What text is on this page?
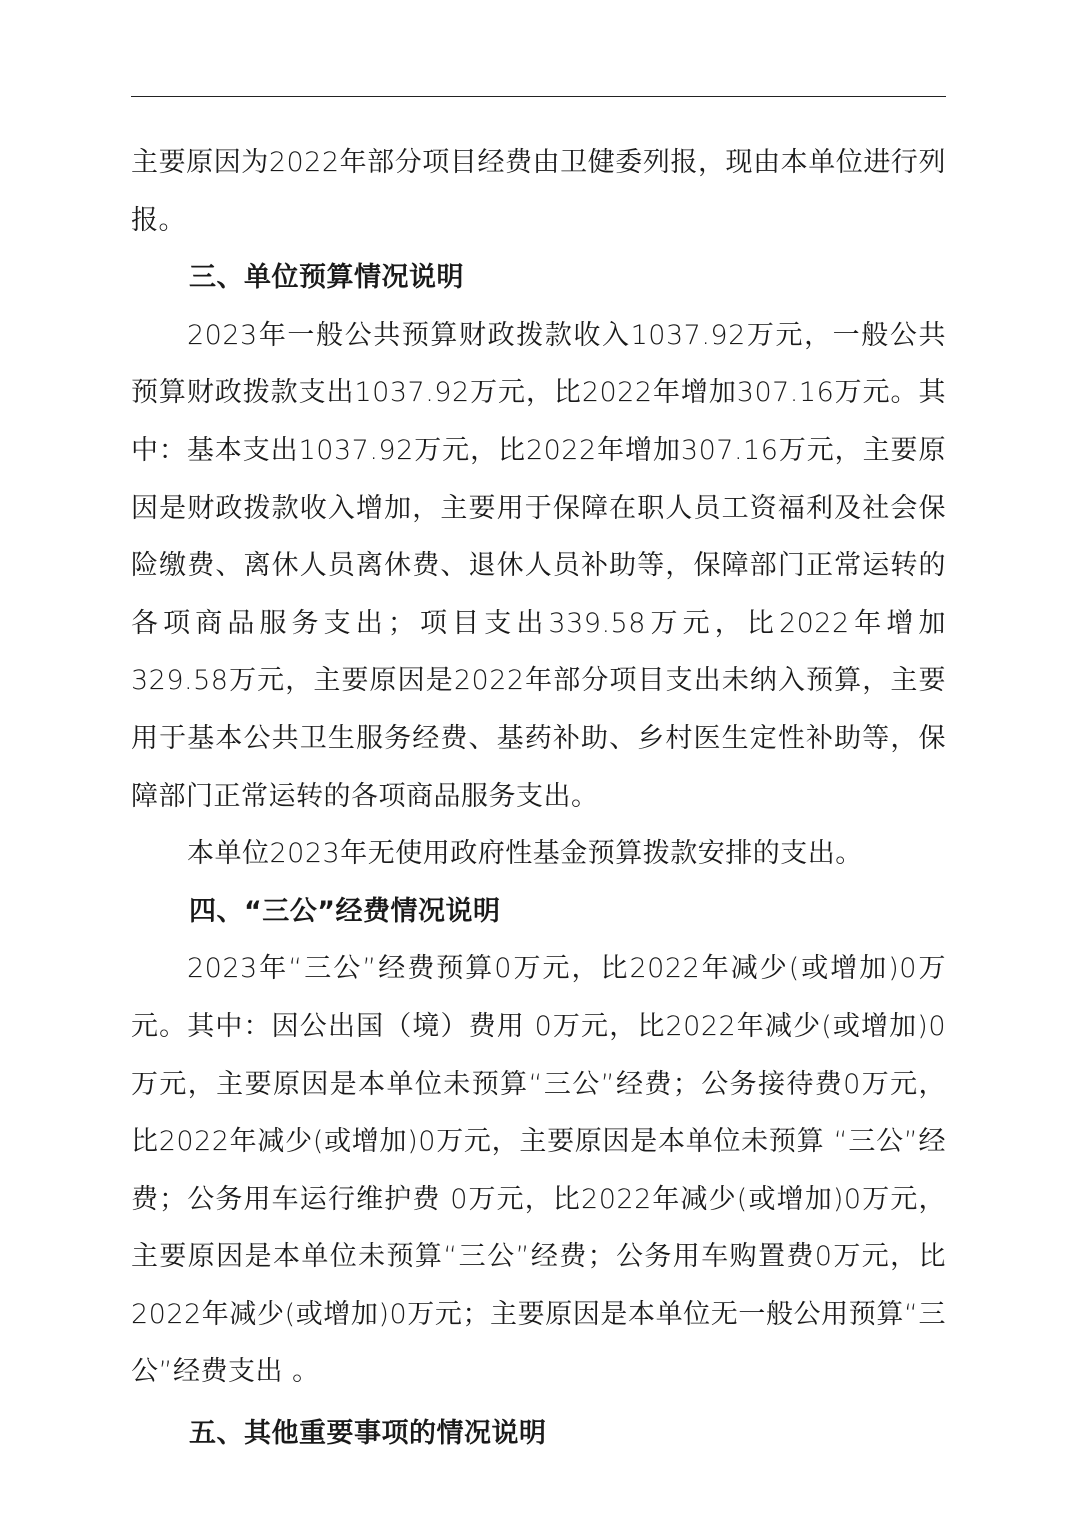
主要原因为2022年部分项目经费由卫健委列报，现由本单位进行列报。

三、单位预算情况说明

2023年一般公共预算财政拨款收入1037.92万元，一般公共预算财政拨款支出1037.92万元，比2022年增加307.16万元。其中：基本支出1037.92万元，比2022年增加307.16万元，主要原因是财政拨款收入增加，主要用于保障在职人员工资福利及社会保险缴费、离休人员离休费、退休人员补助等，保障部门正常运转的各项商品服务支出；项目支出339.58万元，比2022年增加329.58万元，主要原因是2022年部分项目支出未纳入预算，主要用于基本公共卫生服务经费、基药补助、乡村医生定性补助等，保障部门正常运转的各项商品服务支出。

本单位2023年无使用政府性基金预算拨款安排的支出。

四、“三公”经费情况说明

2023年“三公”经费预算0万元，比2022年减少(或增加)0万元。其中：因公出国（境）费用 0万元，比2022年减少(或增加)0万元，主要原因是本单位未预算“三公”经费；公务接待费0万元，比2022年减少(或增加)0万元，主要原因是本单位未预算 “三公”经费；公务用车运行维护费 0万元，比2022年减少(或增加)0万元，主要原因是本单位未预算“三公”经费；公务用车购置费0万元，比2022年减少(或增加)0万元；主要原因是本单位无一般公用预算“三公”经费支出 。

五、其他重要事项的情况说明
